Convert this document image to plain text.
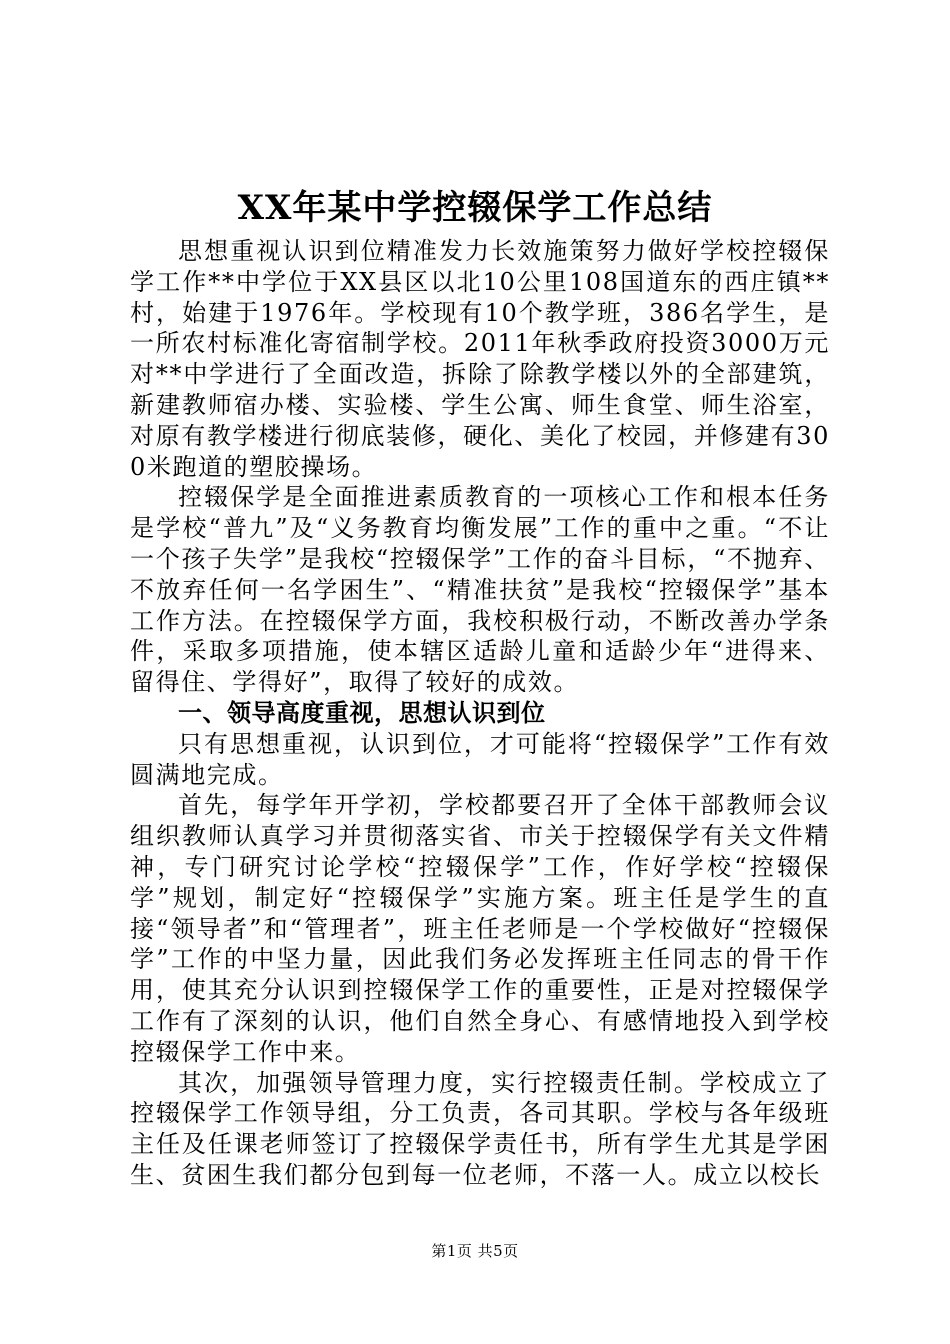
XX年某中学控辍保学工作总结

思想重视认识到位精准发力长效施策努力做好学校控辍保学工作**中学位于XX县区以北10公里108国道东的西庄镇**村，始建于1976年。学校现有10个教学班，386名学生，是一所农村标准化寄宿制学校。2011年秋季政府投资3000万元对**中学进行了全面改造，拆除了除教学楼以外的全部建筑，新建教师宿办楼、实验楼、学生公寓、师生食堂、师生浴室，对原有教学楼进行彻底装修，硬化、美化了校园，并修建有300米跑道的塑胶操场。

控辍保学是全面推进素质教育的一项核心工作和根本任务是学校“普九”及“义务教育均衡发展”工作的重中之重。“不让一个孩子失学”是我校“控辍保学”工作的奋斗目标，“不抛弃、不放弃任何一名学困生”、“精准扶贫”是我校“控辍保学”基本工作方法。在控辍保学方面，我校积极行动，不断改善办学条件，采取多项措施，使本辖区适龄儿童和适龄少年“进得来、留得住、学得好”，取得了较好的成效。

一、领导高度重视，思想认识到位

只有思想重视，认识到位，才可能将“控辍保学”工作有效圆满地完成。

首先，每学年开学初，学校都要召开了全体干部教师会议组织教师认真学习并贯彻落实省、市关于控辍保学有关文件精神，专门研究讨论学校“控辍保学”工作，作好学校“控辍保学”规划，制定好“控辍保学”实施方案。班主任是学生的直接“领导者”和“管理者”，班主任老师是一个学校做好“控辍保学”工作的中坚力量，因此我们务必发挥班主任同志的骨干作用，使其充分认识到控辍保学工作的重要性，正是对控辍保学工作有了深刻的认识，他们自然全身心、有感情地投入到学校控辍保学工作中来。

其次，加强领导管理力度，实行控辍责任制。学校成立了控辍保学工作领导组，分工负责，各司其职。学校与各年级班主任及任课老师签订了控辍保学责任书，所有学生尤其是学困生、贫困生我们都分包到每一位老师，不落一人。成立以校长

第1页 共5页
